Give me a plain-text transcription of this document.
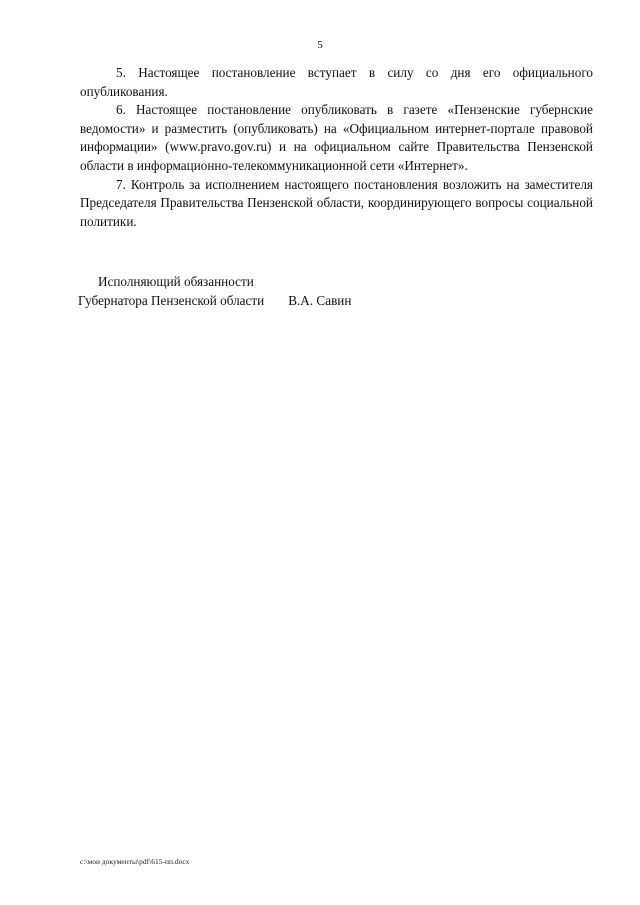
5

5. Настоящее постановление вступает в силу со дня его официального опубликования.

6. Настоящее постановление опубликовать в газете «Пензенские губернские ведомости» и разместить (опубликовать) на «Официальном интернет-портале правовой информации» (www.pravo.gov.ru) и на официальном сайте Правительства Пензенской области в информационно-телекоммуникационной сети «Интернет».

7. Контроль за исполнением настоящего постановления возложить на заместителя Председателя Правительства Пензенской области, координирующего вопросы социальной политики.

Исполняющий обязанности
Губернатора Пензенской области В.А. Савин
c:\мои документы\pdf\615-пп.docx
